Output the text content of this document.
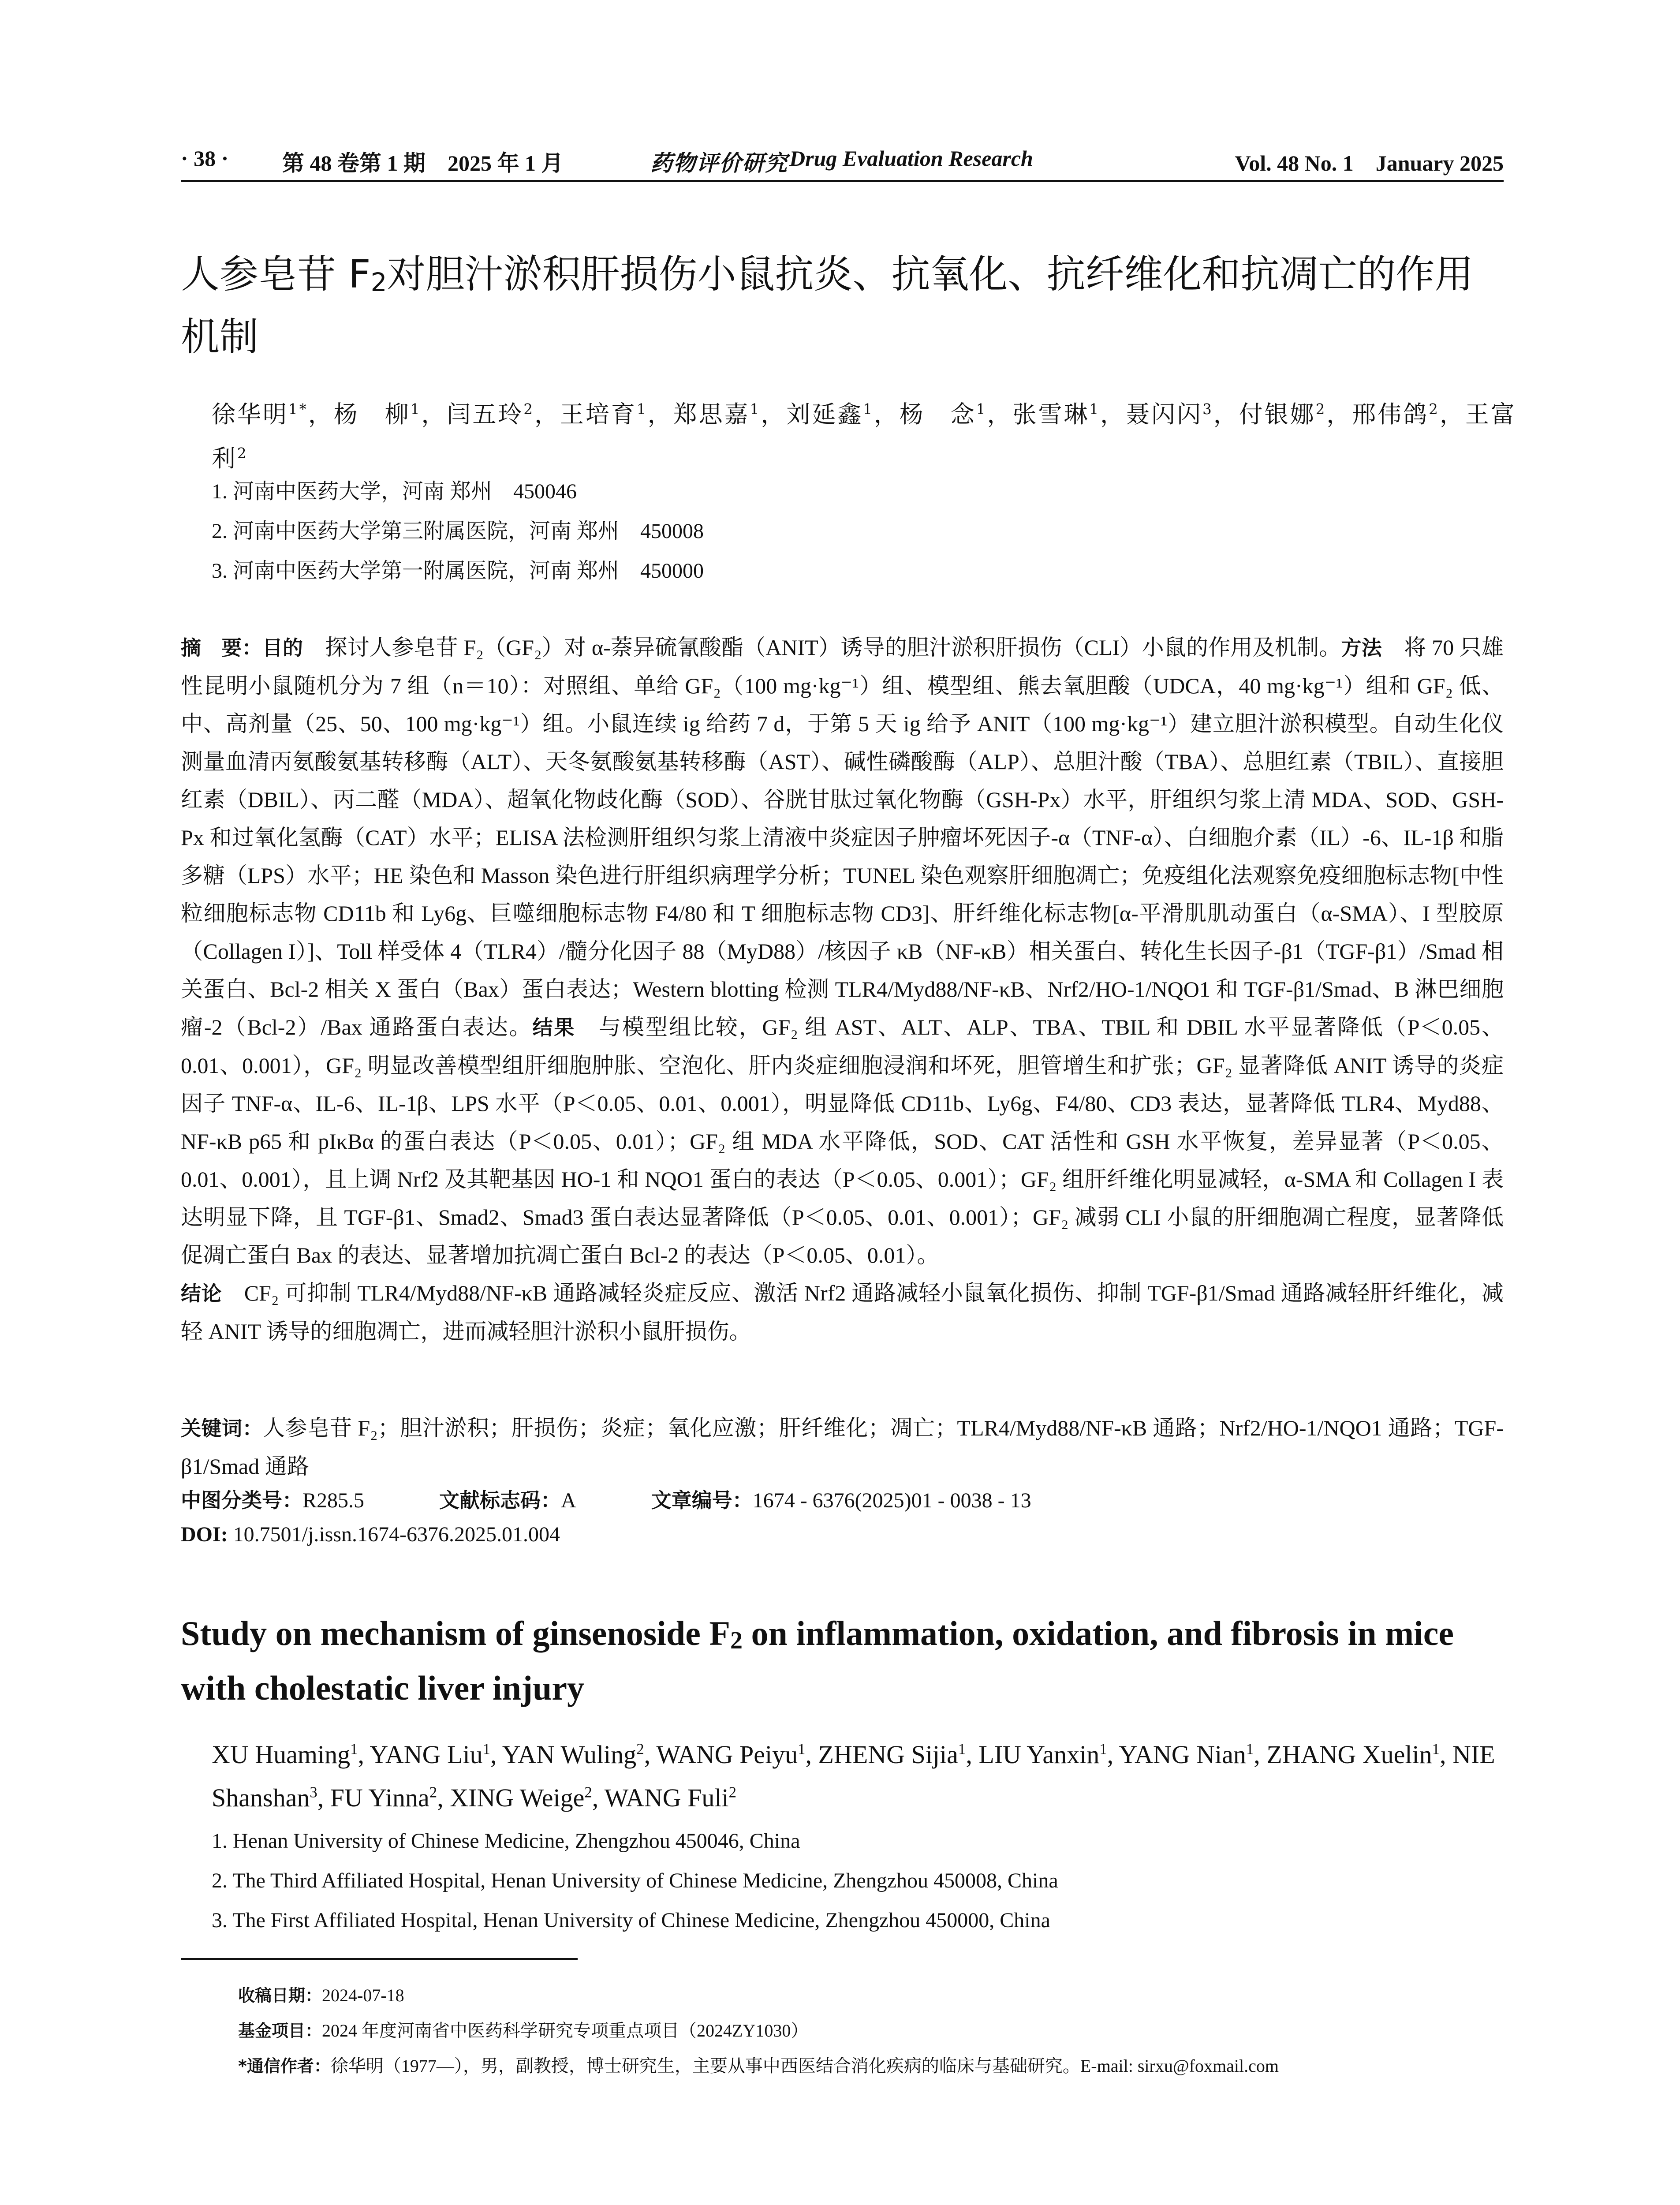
· 38 · 第 48 卷第 1 期　2025 年 1 月	药物评价研究 Drug Evaluation Research	Vol. 48 No. 1　January 2025
人参皂苷 F2对胆汁淤积肝损伤小鼠抗炎、抗氧化、抗纤维化和抗凋亡的作用机制

徐华明$^{1*}$，杨　柳$^1$，闫五玲$^2$，王培育$^1$，郑思嘉$^1$，刘延鑫$^1$，杨　念$^1$，张雪琳$^1$，聂闪闪$^3$，付银娜$^2$，邢伟鸽$^2$，王富利$^2$

1. 河南中医药大学，河南 郑州　450046

2. 河南中医药大学第三附属医院，河南 郑州　450008

3. 河南中医药大学第一附属医院，河南 郑州　450000

摘　要：目的　探讨人参皂苷 F₂（GF₂）对 α-萘异硫氰酸酯（ANIT）诱导的胆汁淤积肝损伤（CLI）小鼠的作用及机制。方法　将 70 只雄性昆明小鼠随机分为 7 组（n＝10）：对照组、单给 GF₂（100 mg·kg⁻¹）组、模型组、熊去氧胆酸（UDCA，40 mg·kg⁻¹）组和 GF₂ 低、中、高剂量（25、50、100 mg·kg⁻¹）组。小鼠连续 ig 给药 7 d，于第 5 天 ig 给予 ANIT（100 mg·kg⁻¹）建立胆汁淤积模型。自动生化仪测量血清丙氨酸氨基转移酶（ALT）、天冬氨酸氨基转移酶（AST）、碱性磷酸酶（ALP）、总胆汁酸（TBA）、总胆红素（TBIL）、直接胆红素（DBIL）、丙二醛（MDA）、超氧化物歧化酶（SOD）、谷胱甘肽过氧化物酶（GSH-Px）水平，肝组织匀浆上清 MDA、SOD、GSH-Px 和过氧化氢酶（CAT）水平；ELISA 法检测肝组织匀浆上清液中炎症因子肿瘤坏死因子-α（TNF-α）、白细胞介素（IL）-6、IL-1β 和脂多糖（LPS）水平；HE 染色和 Masson 染色进行肝组织病理学分析；TUNEL 染色观察肝细胞凋亡；免疫组化法观察免疫细胞标志物[中性粒细胞标志物 CD11b 和 Ly6g、巨噬细胞标志物 F4/80 和 T 细胞标志物 CD3]、肝纤维化标志物[α-平滑肌肌动蛋白（α-SMA）、I 型胶原（Collagen I）]、Toll 样受体 4（TLR4）/髓分化因子 88（MyD88）/核因子 κB（NF-κB）相关蛋白、转化生长因子-β1（TGF-β1）/Smad 相关蛋白、Bcl-2 相关 X 蛋白（Bax）蛋白表达；Western blotting 检测 TLR4/Myd88/NF-κB、Nrf2/HO-1/NQO1 和 TGF-β1/Smad、B 淋巴细胞瘤-2（Bcl-2）/Bax 通路蛋白表达。结果　与模型组比较，GF₂ 组 AST、ALT、ALP、TBA、TBIL 和 DBIL 水平显著降低（P＜0.05、0.01、0.001），GF₂ 明显改善模型组肝细胞肿胀、空泡化、肝内炎症细胞浸润和坏死，胆管增生和扩张；GF₂ 显著降低 ANIT 诱导的炎症因子 TNF-α、IL-6、IL-1β、LPS 水平（P＜0.05、0.01、0.001），明显降低 CD11b、Ly6g、F4/80、CD3 表达，显著降低 TLR4、Myd88、NF-κB p65 和 pIκBα 的蛋白表达（P＜0.05、0.01）；GF₂ 组 MDA 水平降低，SOD、CAT 活性和 GSH 水平恢复，差异显著（P＜0.05、0.01、0.001），且上调 Nrf2 及其靶基因 HO-1 和 NQO1 蛋白的表达（P＜0.05、0.001）；GF₂ 组肝纤维化明显减轻，α-SMA 和 Collagen I 表达明显下降，且 TGF-β1、Smad2、Smad3 蛋白表达显著降低（P＜0.05、0.01、0.001）；GF₂ 减弱 CLI 小鼠的肝细胞凋亡程度，显著降低促凋亡蛋白 Bax 的表达、显著增加抗凋亡蛋白 Bcl-2 的表达（P＜0.05、0.01）。
结论　CF₂ 可抑制 TLR4/Myd88/NF-κB 通路减轻炎症反应、激活 Nrf2 通路减轻小鼠氧化损伤、抑制 TGF-β1/Smad 通路减轻肝纤维化，减轻 ANIT 诱导的细胞凋亡，进而减轻胆汁淤积小鼠肝损伤。

关键词：人参皂苷 F₂；胆汁淤积；肝损伤；炎症；氧化应激；肝纤维化；凋亡；TLR4/Myd88/NF-κB 通路；Nrf2/HO-1/NQO1 通路；TGF-β1/Smad 通路

中图分类号：R285.5	文献标志码：A	文章编号：1674 - 6376(2025)01 - 0038 - 13

DOI: 10.7501/j.issn.1674-6376.2025.01.004

Study on mechanism of ginsenoside F2 on inflammation, oxidation, and fibrosis in mice with cholestatic liver injury

XU Huaming$^1$, YANG Liu$^1$, YAN Wuling$^2$, WANG Peiyu$^1$, ZHENG Sijia$^1$, LIU Yanxin$^1$, YANG Nian$^1$, ZHANG Xuelin$^1$, NIE Shanshan$^3$, FU Yinna$^2$, XING Weige$^2$, WANG Fuli$^2$

1. Henan University of Chinese Medicine, Zhengzhou 450046, China

2. The Third Affiliated Hospital, Henan University of Chinese Medicine, Zhengzhou 450008, China

3. The First Affiliated Hospital, Henan University of Chinese Medicine, Zhengzhou 450000, China

收稿日期：2024-07-18

基金项目：2024 年度河南省中医药科学研究专项重点项目（2024ZY1030）

*通信作者：徐华明（1977—），男，副教授，博士研究生，主要从事中西医结合消化疾病的临床与基础研究。E-mail: sirxu@foxmail.com
